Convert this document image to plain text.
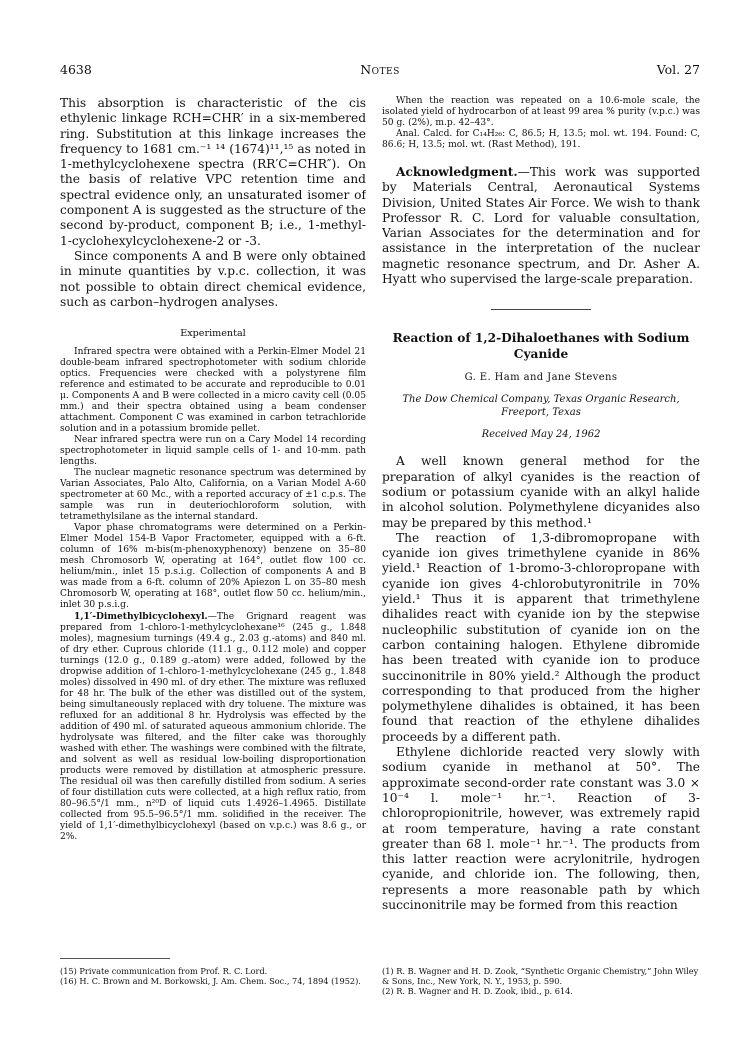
4638	Notes	Vol. 27

This absorption is characteristic of the cis ethylenic linkage RCH=CHR′ in a six-membered ring. Substitution at this linkage increases the frequency to 1681 cm.⁻¹ ¹⁴ (1674)¹¹,¹⁵ as noted in 1-methylcyclohexene spectra (RR′C=CHR″). On the basis of relative VPC retention time and spectral evidence only, an unsaturated isomer of component A is suggested as the structure of the second by-product, component B; i.e., 1-methyl-1-cyclohexylcyclohexene-2 or -3.

Since components A and B were only obtained in minute quantities by v.p.c. collection, it was not possible to obtain direct chemical evidence, such as carbon–hydrogen analyses.

Experimental

Infrared spectra were obtained with a Perkin-Elmer Model 21 double-beam infrared spectrophotometer with sodium chloride optics. Frequencies were checked with a polystyrene film reference and estimated to be accurate and reproducible to 0.01 μ. Components A and B were collected in a micro cavity cell (0.05 mm.) and their spectra obtained using a beam condenser attachment. Component C was examined in carbon tetrachloride solution and in a potassium bromide pellet.

Near infrared spectra were run on a Cary Model 14 recording spectrophotometer in liquid sample cells of 1- and 10-mm. path lengths.

The nuclear magnetic resonance spectrum was determined by Varian Associates, Palo Alto, California, on a Varian Model A-60 spectrometer at 60 Mc., with a reported accuracy of ±1 c.p.s. The sample was run in deuteriochloroform solution, with tetramethylsilane as the internal standard.

Vapor phase chromatograms were determined on a Perkin-Elmer Model 154-B Vapor Fractometer, equipped with a 6-ft. column of 16% m-bis(m-phenoxyphenoxy) benzene on 35–80 mesh Chromosorb W, operating at 164°, outlet flow 100 cc. helium/min., inlet 15 p.s.i.g. Collection of components A and B was made from a 6-ft. column of 20% Apiezon L on 35–80 mesh Chromosorb W, operating at 168°, outlet flow 50 cc. helium/min., inlet 30 p.s.i.g.

1,1′-Dimethylbicyclohexyl.—The Grignard reagent was prepared from 1-chloro-1-methylcyclohexane¹⁶ (245 g., 1.848 moles), magnesium turnings (49.4 g., 2.03 g.-atoms) and 840 ml. of dry ether. Cuprous chloride (11.1 g., 0.112 mole) and copper turnings (12.0 g., 0.189 g.-atom) were added, followed by the dropwise addition of 1-chloro-1-methylcyclohexane (245 g., 1.848 moles) dissolved in 490 ml. of dry ether. The mixture was refluxed for 48 hr. The bulk of the ether was distilled out of the system, being simultaneously replaced with dry toluene. The mixture was refluxed for an additional 8 hr. Hydrolysis was effected by the addition of 490 ml. of saturated aqueous ammonium chloride. The hydrolysate was filtered, and the filter cake was thoroughly washed with ether. The washings were combined with the filtrate, and solvent as well as residual low-boiling disproportionation products were removed by distillation at atmospheric pressure. The residual oil was then carefully distilled from sodium. A series of four distillation cuts were collected, at a high reflux ratio, from 80–96.5°/1 mm., n²⁰D of liquid cuts 1.4926–1.4965. Distillate collected from 95.5–96.5°/1 mm. solidified in the receiver. The yield of 1,1′-dimethylbicyclohexyl (based on v.p.c.) was 8.6 g., or 2%.

When the reaction was repeated on a 10.6-mole scale, the isolated yield of hydrocarbon of at least 99 area % purity (v.p.c.) was 50 g. (2%), m.p. 42–43°.

Anal. Calcd. for C₁₄H₂₆: C, 86.5; H, 13.5; mol. wt. 194. Found: C, 86.6; H, 13.5; mol. wt. (Rast Method), 191.

Acknowledgment.—This work was supported by Materials Central, Aeronautical Systems Division, United States Air Force. We wish to thank Professor R. C. Lord for valuable consultation, Varian Associates for the determination and for assistance in the interpretation of the nuclear magnetic resonance spectrum, and Dr. Asher A. Hyatt who supervised the large-scale preparation.

Reaction of 1,2-Dihaloethanes with Sodium Cyanide
G. E. Ham and Jane Stevens
The Dow Chemical Company, Texas Organic Research, Freeport, Texas
Received May 24, 1962

A well known general method for the preparation of alkyl cyanides is the reaction of sodium or potassium cyanide with an alkyl halide in alcohol solution. Polymethylene dicyanides also may be prepared by this method.¹

The reaction of 1,3-dibromopropane with cyanide ion gives trimethylene cyanide in 86% yield.¹ Reaction of 1-bromo-3-chloropropane with cyanide ion gives 4-chlorobutyronitrile in 70% yield.¹ Thus it is apparent that trimethylene dihalides react with cyanide ion by the stepwise nucleophilic substitution of cyanide ion on the carbon containing halogen. Ethylene dibromide has been treated with cyanide ion to produce succinonitrile in 80% yield.² Although the product corresponding to that produced from the higher polymethylene dihalides is obtained, it has been found that reaction of the ethylene dihalides proceeds by a different path.

Ethylene dichloride reacted very slowly with sodium cyanide in methanol at 50°. The approximate second-order rate constant was 3.0 × 10⁻⁴ l. mole⁻¹ hr.⁻¹. Reaction of 3-chloropropionitrile, however, was extremely rapid at room temperature, having a rate constant greater than 68 l. mole⁻¹ hr.⁻¹. The products from this latter reaction were acrylonitrile, hydrogen cyanide, and chloride ion. The following, then, represents a more reasonable path by which succinonitrile may be formed from this reaction

(15) Private communication from Prof. R. C. Lord.
(16) H. C. Brown and M. Borkowski, J. Am. Chem. Soc., 74, 1894 (1952).
(1) R. B. Wagner and H. D. Zook, “Synthetic Organic Chemistry,” John Wiley & Sons, Inc., New York, N. Y., 1953, p. 590.
(2) R. B. Wagner and H. D. Zook, ibid., p. 614.
